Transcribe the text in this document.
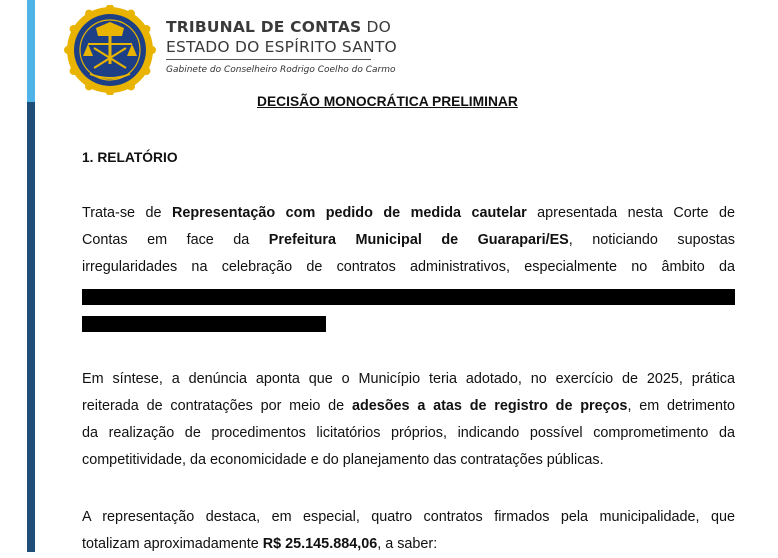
TRIBUNAL DE CONTAS DO
ESTADO DO ESPÍRITO SANTO
Gabinete do Conselheiro Rodrigo Coelho do Carmo
DECISÃO MONOCRÁTICA PRELIMINAR
1. RELATÓRIO
Trata-se de Representação com pedido de medida cautelar apresentada nesta Corte de
Contas em face da Prefeitura Municipal de Guarapari/ES, noticiando supostas
irregularidades na celebração de contratos administrativos, especialmente no âmbito da
Em síntese, a denúncia aponta que o Município teria adotado, no exercício de 2025, prática
reiterada de contratações por meio de adesões a atas de registro de preços, em detrimento
da realização de procedimentos licitatórios próprios, indicando possível comprometimento da
competitividade, da economicidade e do planejamento das contratações públicas.
A representação destaca, em especial, quatro contratos firmados pela municipalidade, que
totalizam aproximadamente R$ 25.145.884,06, a saber:
